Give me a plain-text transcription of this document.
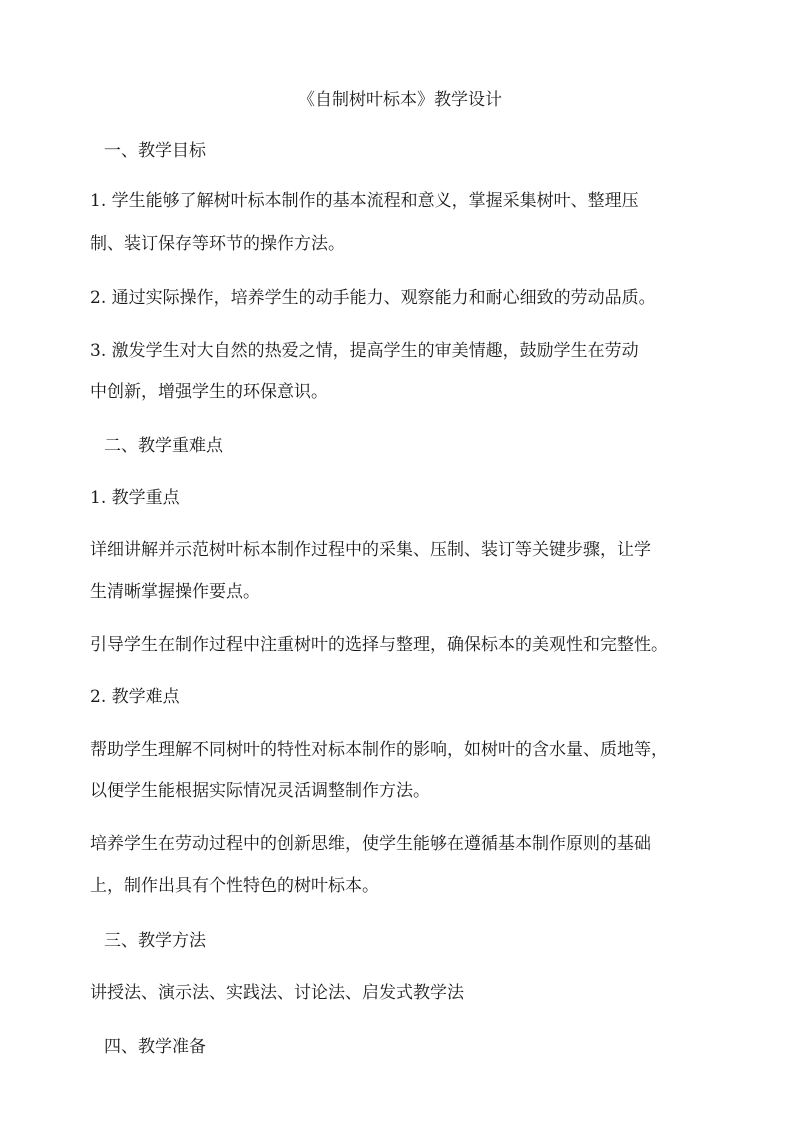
《自制树叶标本》教学设计

一、教学目标

1. 学生能够了解树叶标本制作的基本流程和意义，掌握采集树叶、整理压

制、装订保存等环节的操作方法。

2. 通过实际操作，培养学生的动手能力、观察能力和耐心细致的劳动品质。

3. 激发学生对大自然的热爱之情，提高学生的审美情趣，鼓励学生在劳动

中创新，增强学生的环保意识。

二、教学重难点

1. 教学重点

详细讲解并示范树叶标本制作过程中的采集、压制、装订等关键步骤，让学

生清晰掌握操作要点。

引导学生在制作过程中注重树叶的选择与整理，确保标本的美观性和完整性。

2. 教学难点

帮助学生理解不同树叶的特性对标本制作的影响，如树叶的含水量、质地等，

以便学生能根据实际情况灵活调整制作方法。

培养学生在劳动过程中的创新思维，使学生能够在遵循基本制作原则的基础

上，制作出具有个性特色的树叶标本。

三、教学方法

讲授法、演示法、实践法、讨论法、启发式教学法

四、教学准备
